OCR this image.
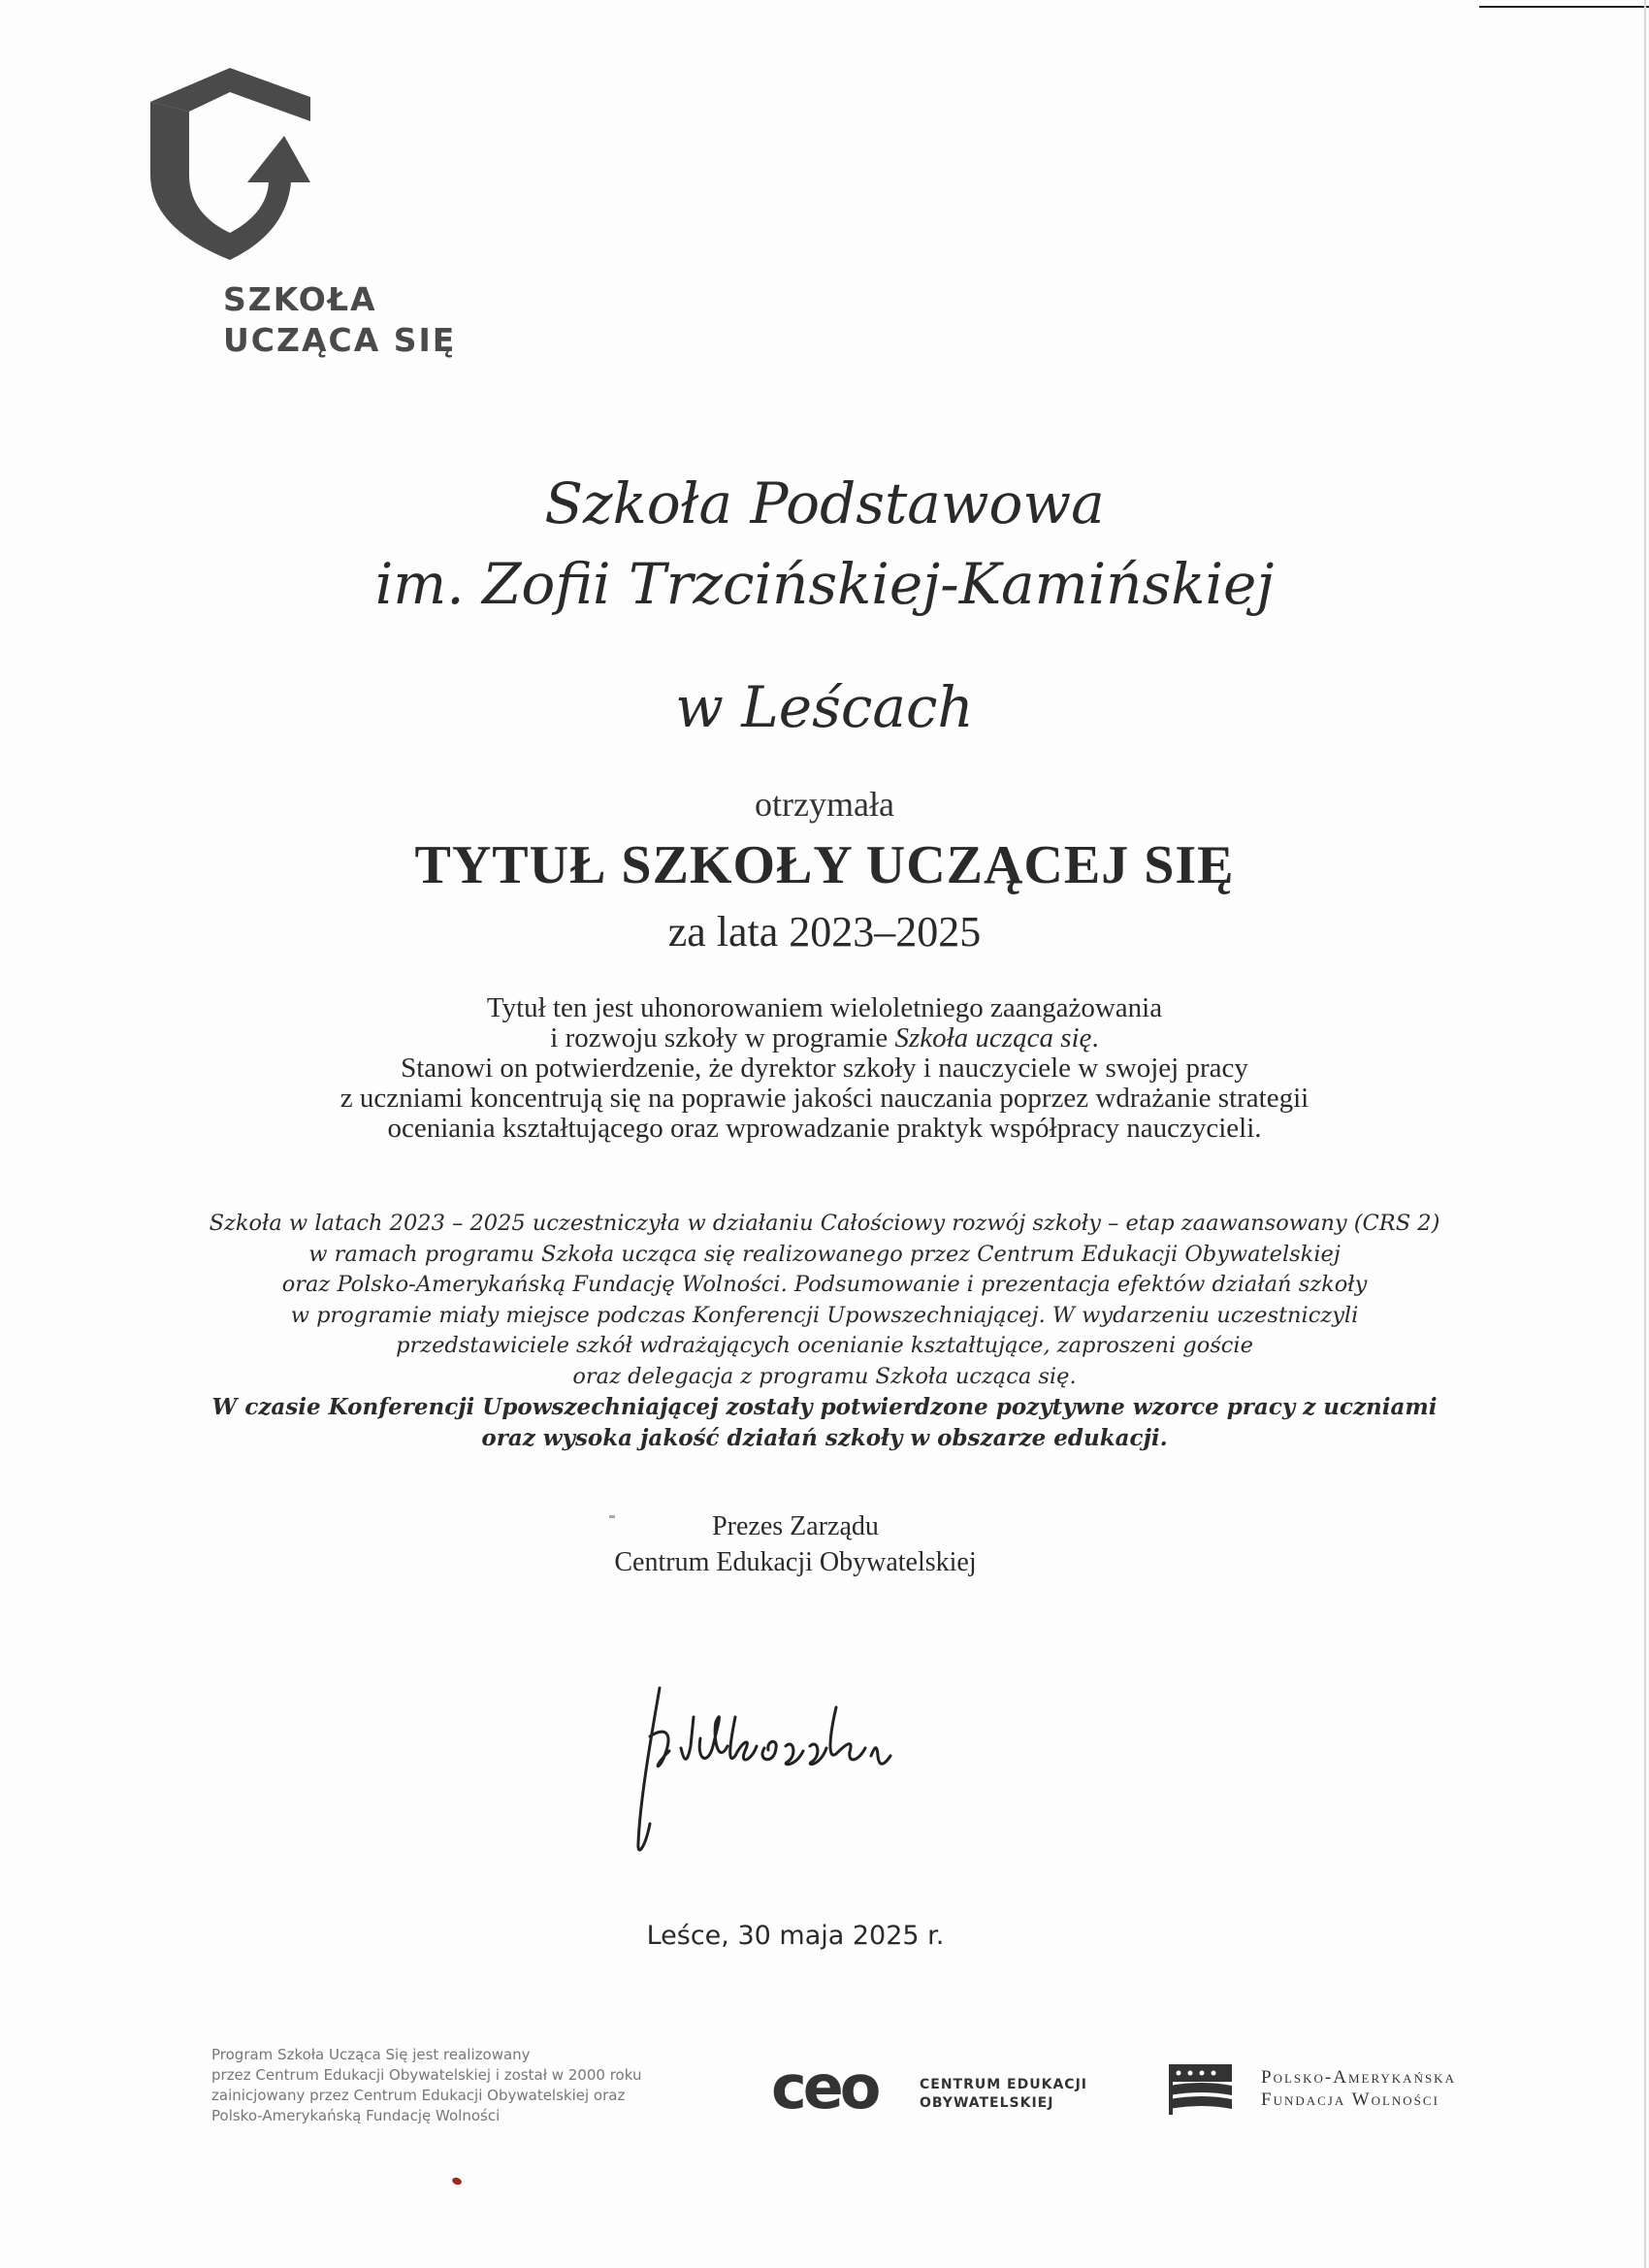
SZKOŁA
UCZĄCA SIĘ
Szkoła Podstawowa
im. Zofii Trzcińskiej-Kamińskiej
w Leścach
otrzymała
TYTUŁ SZKOŁY UCZĄCEJ SIĘ
za lata 2023–2025
Tytuł ten jest uhonorowaniem wieloletniego zaangażowania
i rozwoju szkoły w programie Szkoła ucząca się.
Stanowi on potwierdzenie, że dyrektor szkoły i nauczyciele w swojej pracy
z uczniami koncentrują się na poprawie jakości nauczania poprzez wdrażanie strategii
oceniania kształtującego oraz wprowadzanie praktyk współpracy nauczycieli.
Szkoła w latach 2023 – 2025 uczestniczyła w działaniu Całościowy rozwój szkoły – etap zaawansowany (CRS 2)
w ramach programu Szkoła ucząca się realizowanego przez Centrum Edukacji Obywatelskiej
oraz Polsko-Amerykańską Fundację Wolności. Podsumowanie i prezentacja efektów działań szkoły
w programie miały miejsce podczas Konferencji Upowszechniającej. W wydarzeniu uczestniczyli
przedstawiciele szkół wdrażających ocenianie kształtujące, zaproszeni goście
oraz delegacja z programu Szkoła ucząca się.
W czasie Konferencji Upowszechniającej zostały potwierdzone pozytywne wzorce pracy z uczniami
oraz wysoka jakość działań szkoły w obszarze edukacji.
Prezes Zarządu
Centrum Edukacji Obywatelskiej
Leśce, 30 maja 2025 r.
Program Szkoła Ucząca Się jest realizowany
przez Centrum Edukacji Obywatelskiej i został w 2000 roku
zainicjowany przez Centrum Edukacji Obywatelskiej oraz
Polsko-Amerykańską Fundację Wolności	ceo	CENTRUM EDUKACJI
OBYWATELSKIEJ
Polsko-Amerykańska
Fundacja Wolności
